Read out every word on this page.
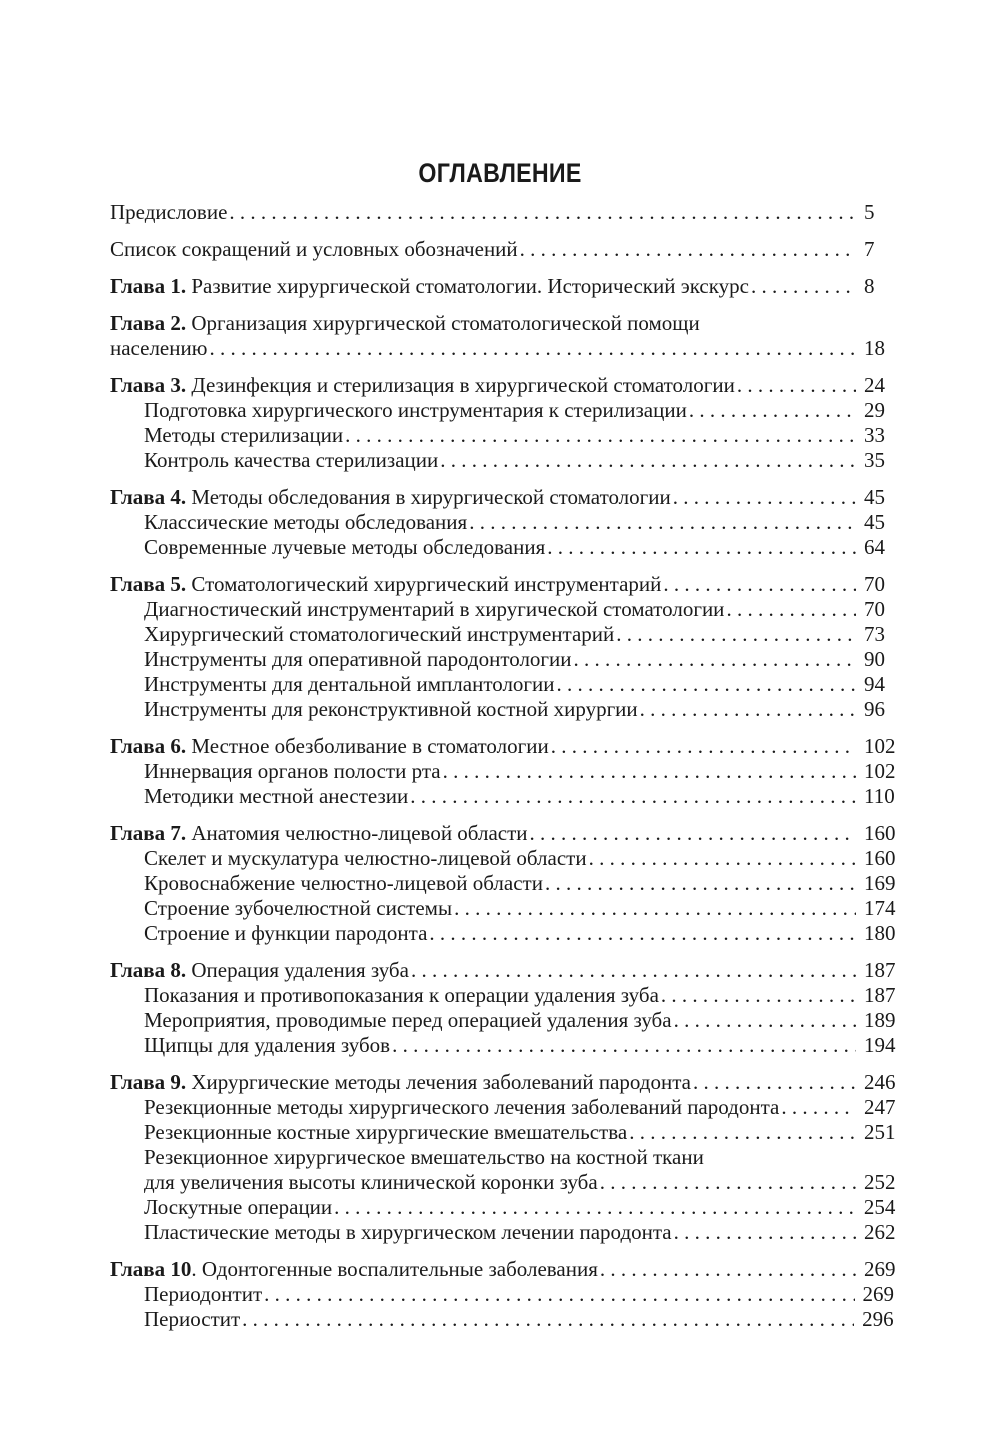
ОГЛАВЛЕНИЕ
Предисловие . . .	5
Список сокращений и условных обозначений . . .	7
Глава 1. Развитие хирургической стоматологии. Исторический экскурс . . .	8
Глава 2. Организация хирургической стоматологической помощи
населению . . .	18
Глава 3. Дезинфекция и стерилизация в хирургической стоматологии . . .	24
Подготовка хирургического инструментария к стерилизации . . .	29
Методы стерилизации . . .	33
Контроль качества стерилизации . . .	35
Глава 4. Методы обследования в хирургической стоматологии . . .	45
Классические методы обследования . . .	45
Современные лучевые методы обследования . . .	64
Глава 5. Стоматологический хирургический инструментарий . . .	70
Диагностический инструментарий в хиругической стоматологии . . .	70
Хирургический стоматологический инструментарий . . .	73
Инструменты для оперативной пародонтологии . . .	90
Инструменты для дентальной имплантологии . . .	94
Инструменты для реконструктивной костной хирургии . . .	96
Глава 6. Местное обезболивание в стоматологии . . .	102
Иннервация органов полости рта . . .	102
Методики местной анестезии . . .	110
Глава 7. Анатомия челюстно-лицевой области . . .	160
Скелет и мускулатура челюстно-лицевой области . . .	160
Кровоснабжение челюстно-лицевой области . . .	169
Строение зубочелюстной системы . . .	174
Строение и функции пародонта . . .	180
Глава 8. Операция удаления зуба . . .	187
Показания и противопоказания к операции удаления зуба . . .	187
Мероприятия, проводимые перед операцией удаления зуба . . .	189
Щипцы для удаления зубов . . .	194
Глава 9. Хирургические методы лечения заболеваний пародонта . . .	246
Резекционные методы хирургического лечения заболеваний пародонта . . .	247
Резекционные костные хирургические вмешательства . . .	251
Резекционное хирургическое вмешательство на костной ткани
для увеличения высоты клинической коронки зуба . . .	252
Лоскутные операции . . .	254
Пластические методы в хирургическом лечении пародонта . . .	262
Глава 10. Одонтогенные воспалительные заболевания . . .	269
Периодонтит . . .	269
Периостит . . .	296
